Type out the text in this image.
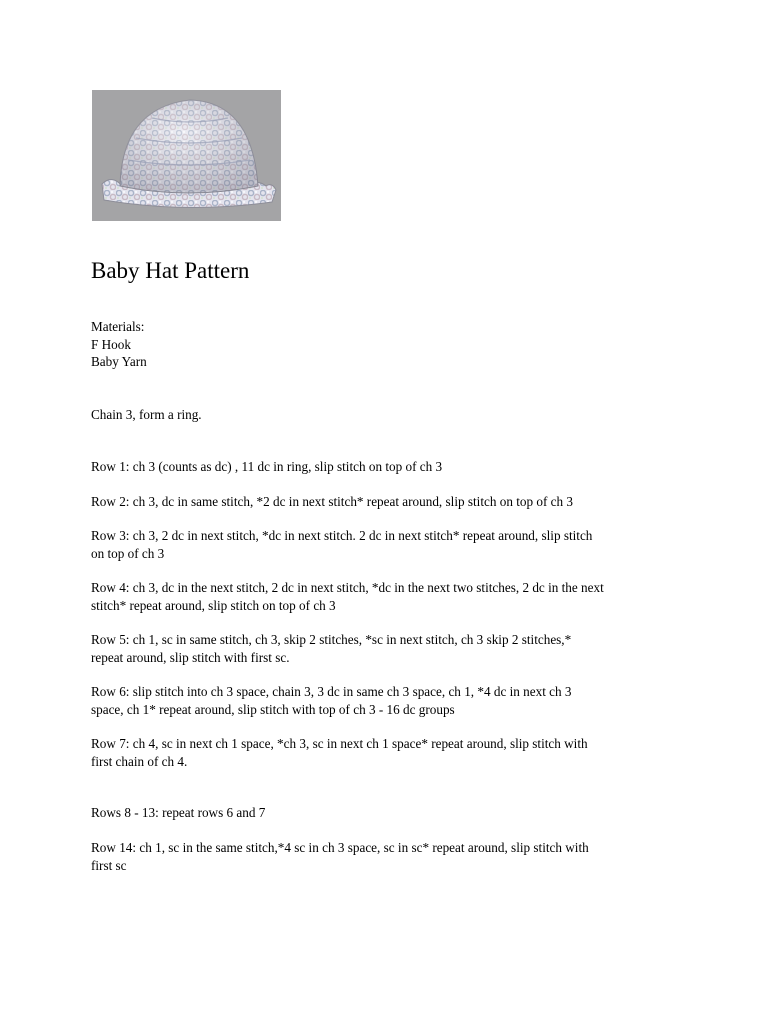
Baby Hat Pattern
Materials:
F Hook
Baby Yarn

Chain 3, form a ring.

Row 1: ch 3 (counts as dc) , 11 dc in ring, slip stitch on top of ch 3

Row 2: ch 3, dc in same stitch, *2 dc in next stitch* repeat around, slip stitch on top of ch 3

Row 3: ch 3, 2 dc in next stitch, *dc in next stitch. 2 dc in next stitch* repeat around, slip stitch
on top of ch 3

Row 4: ch 3, dc in the next stitch, 2 dc in next stitch, *dc in the next two stitches, 2 dc in the next
stitch* repeat around, slip stitch on top of ch 3

Row 5: ch 1, sc in same stitch, ch 3, skip 2 stitches, *sc in next stitch, ch 3 skip 2 stitches,*
repeat around, slip stitch with first sc.

Row 6: slip stitch into ch 3 space, chain 3, 3 dc in same ch 3 space, ch 1, *4 dc in next ch 3
space, ch 1* repeat around, slip stitch with top of ch 3 - 16 dc groups

Row 7: ch 4, sc in next ch 1 space, *ch 3, sc in next ch 1 space* repeat around, slip stitch with
first chain of ch 4.

Rows 8 - 13: repeat rows 6 and 7

Row 14: ch 1, sc in the same stitch,*4 sc in ch 3 space, sc in sc* repeat around, slip stitch with
first sc
